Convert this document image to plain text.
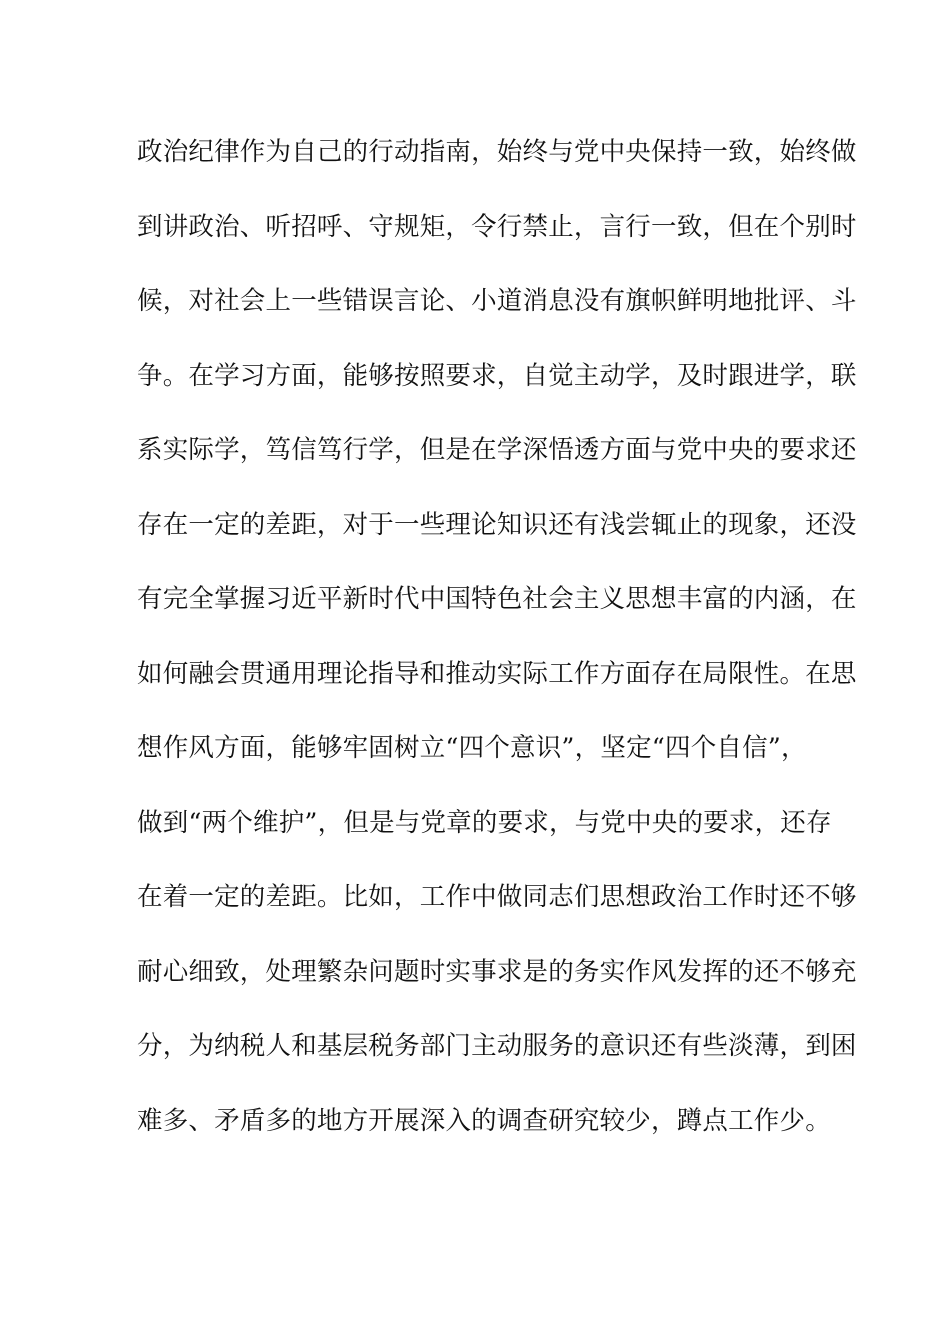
政治纪律作为自己的行动指南，始终与党中央保持一致，始终做
到讲政治、听招呼、守规矩，令行禁止，言行一致，但在个别时
候，对社会上一些错误言论、小道消息没有旗帜鲜明地批评、斗
争。在学习方面，能够按照要求，自觉主动学，及时跟进学，联
系实际学，笃信笃行学，但是在学深悟透方面与党中央的要求还
存在一定的差距，对于一些理论知识还有浅尝辄止的现象，还没
有完全掌握习近平新时代中国特色社会主义思想丰富的内涵，在
如何融会贯通用理论指导和推动实际工作方面存在局限性。在思
想作风方面，能够牢固树立“四个意识”，坚定“四个自信”，
做到“两个维护”，但是与党章的要求，与党中央的要求，还存
在着一定的差距。比如，工作中做同志们思想政治工作时还不够
耐心细致，处理繁杂问题时实事求是的务实作风发挥的还不够充
分，为纳税人和基层税务部门主动服务的意识还有些淡薄，到困
难多、矛盾多的地方开展深入的调查研究较少，蹲点工作少。
